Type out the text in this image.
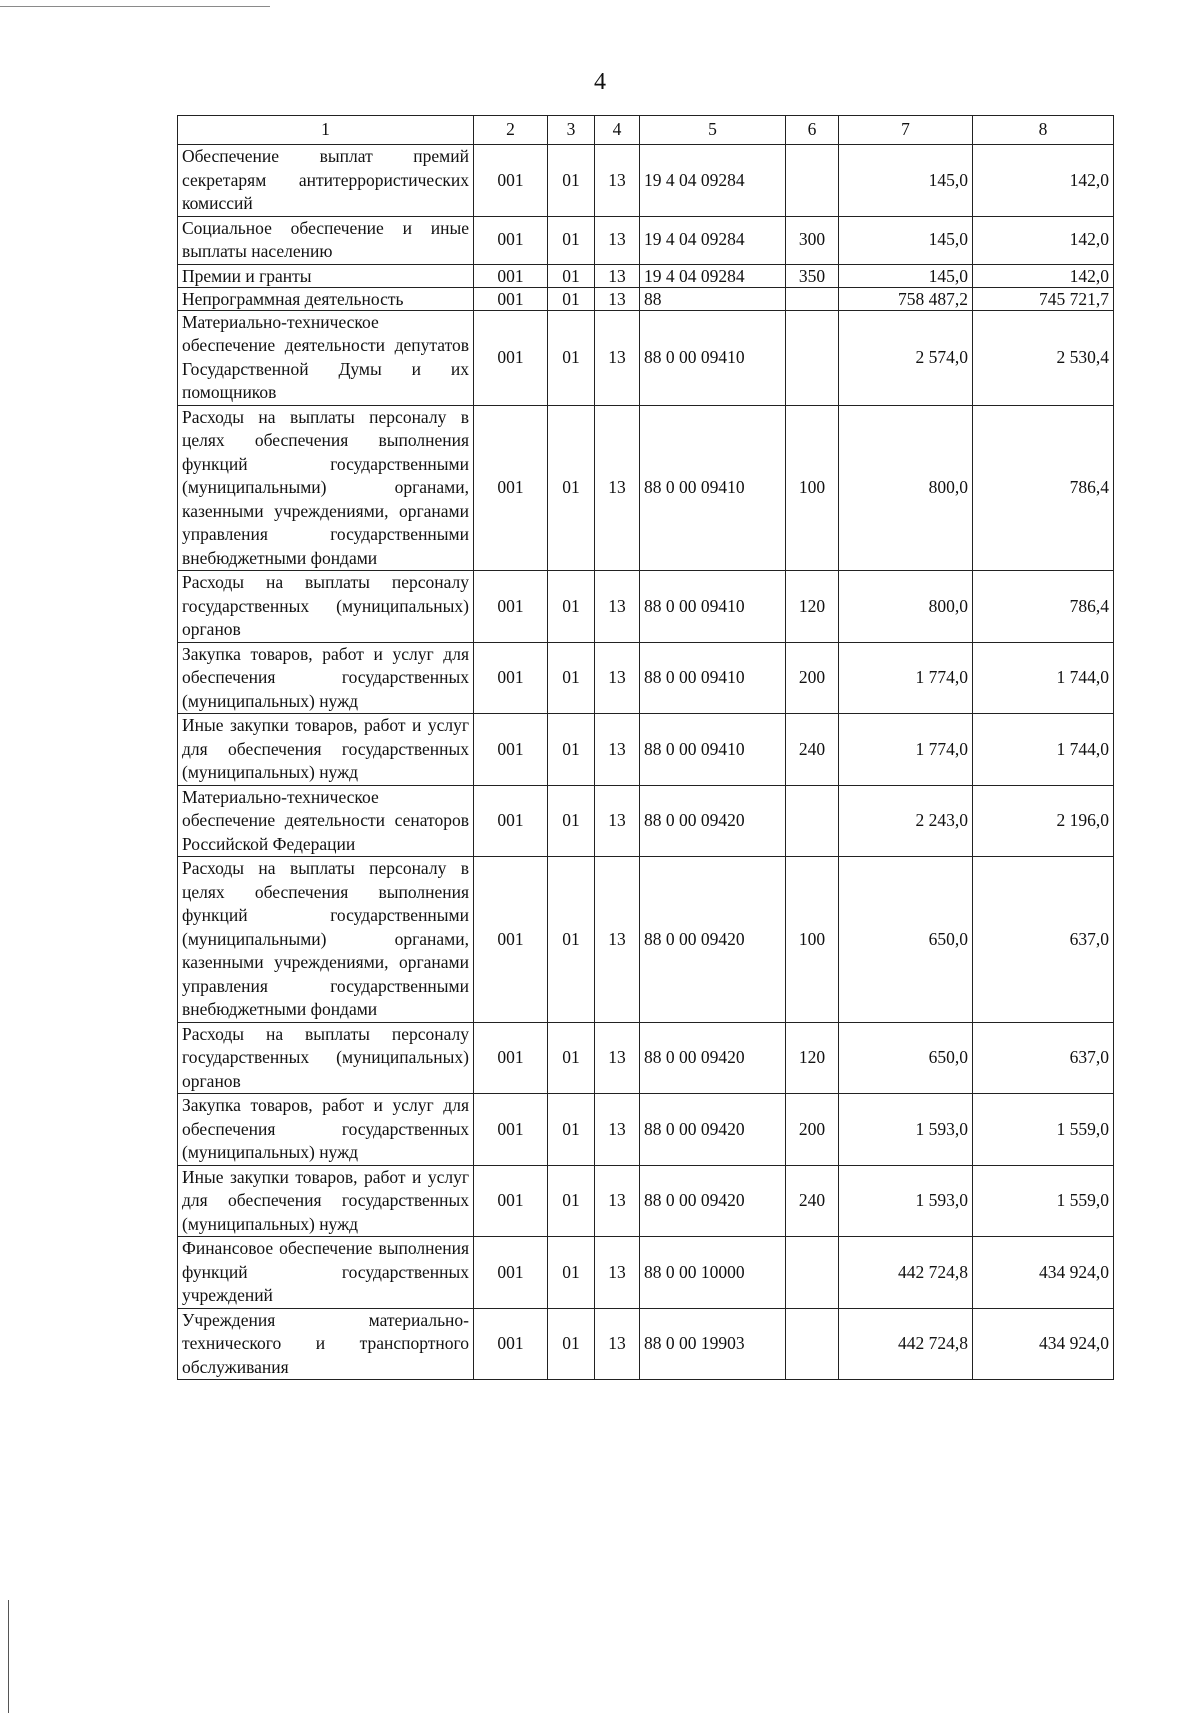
4
1	2	3	4	5	6	7	8
Обеспечение выплат премий секретарям антитеррористических комиссий	001	01	13	19 4 04 09284		145,0	142,0
Социальное обеспечение и иные выплаты населению	001	01	13	19 4 04 09284	300	145,0	142,0
Премии и гранты	001	01	13	19 4 04 09284	350	145,0	142,0
Непрограммная деятельность	001	01	13	88		758 487,2	745 721,7
Материально-техническое обеспечение деятельности депутатов Государственной Думы и их помощников	001	01	13	88 0 00 09410		2 574,0	2 530,4
Расходы на выплаты персоналу в целях обеспечения выполнения функций государственными (муниципальными) органами, казенными учреждениями, органами управления государственными внебюджетными фондами	001	01	13	88 0 00 09410	100	800,0	786,4
Расходы на выплаты персоналу государственных (муниципальных) органов	001	01	13	88 0 00 09410	120	800,0	786,4
Закупка товаров, работ и услуг для обеспечения государственных (муниципальных) нужд	001	01	13	88 0 00 09410	200	1 774,0	1 744,0
Иные закупки товаров, работ и услуг для обеспечения государственных (муниципальных) нужд	001	01	13	88 0 00 09410	240	1 774,0	1 744,0
Материально-техническое обеспечение деятельности сенаторов Российской Федерации	001	01	13	88 0 00 09420		2 243,0	2 196,0
Расходы на выплаты персоналу в целях обеспечения выполнения функций государственными (муниципальными) органами, казенными учреждениями, органами управления государственными внебюджетными фондами	001	01	13	88 0 00 09420	100	650,0	637,0
Расходы на выплаты персоналу государственных (муниципальных) органов	001	01	13	88 0 00 09420	120	650,0	637,0
Закупка товаров, работ и услуг для обеспечения государственных (муниципальных) нужд	001	01	13	88 0 00 09420	200	1 593,0	1 559,0
Иные закупки товаров, работ и услуг для обеспечения государственных (муниципальных) нужд	001	01	13	88 0 00 09420	240	1 593,0	1 559,0
Финансовое обеспечение выполнения функций государственных учреждений	001	01	13	88 0 00 10000		442 724,8	434 924,0
Учреждения материально-технического и транспортного обслуживания	001	01	13	88 0 00 19903		442 724,8	434 924,0
